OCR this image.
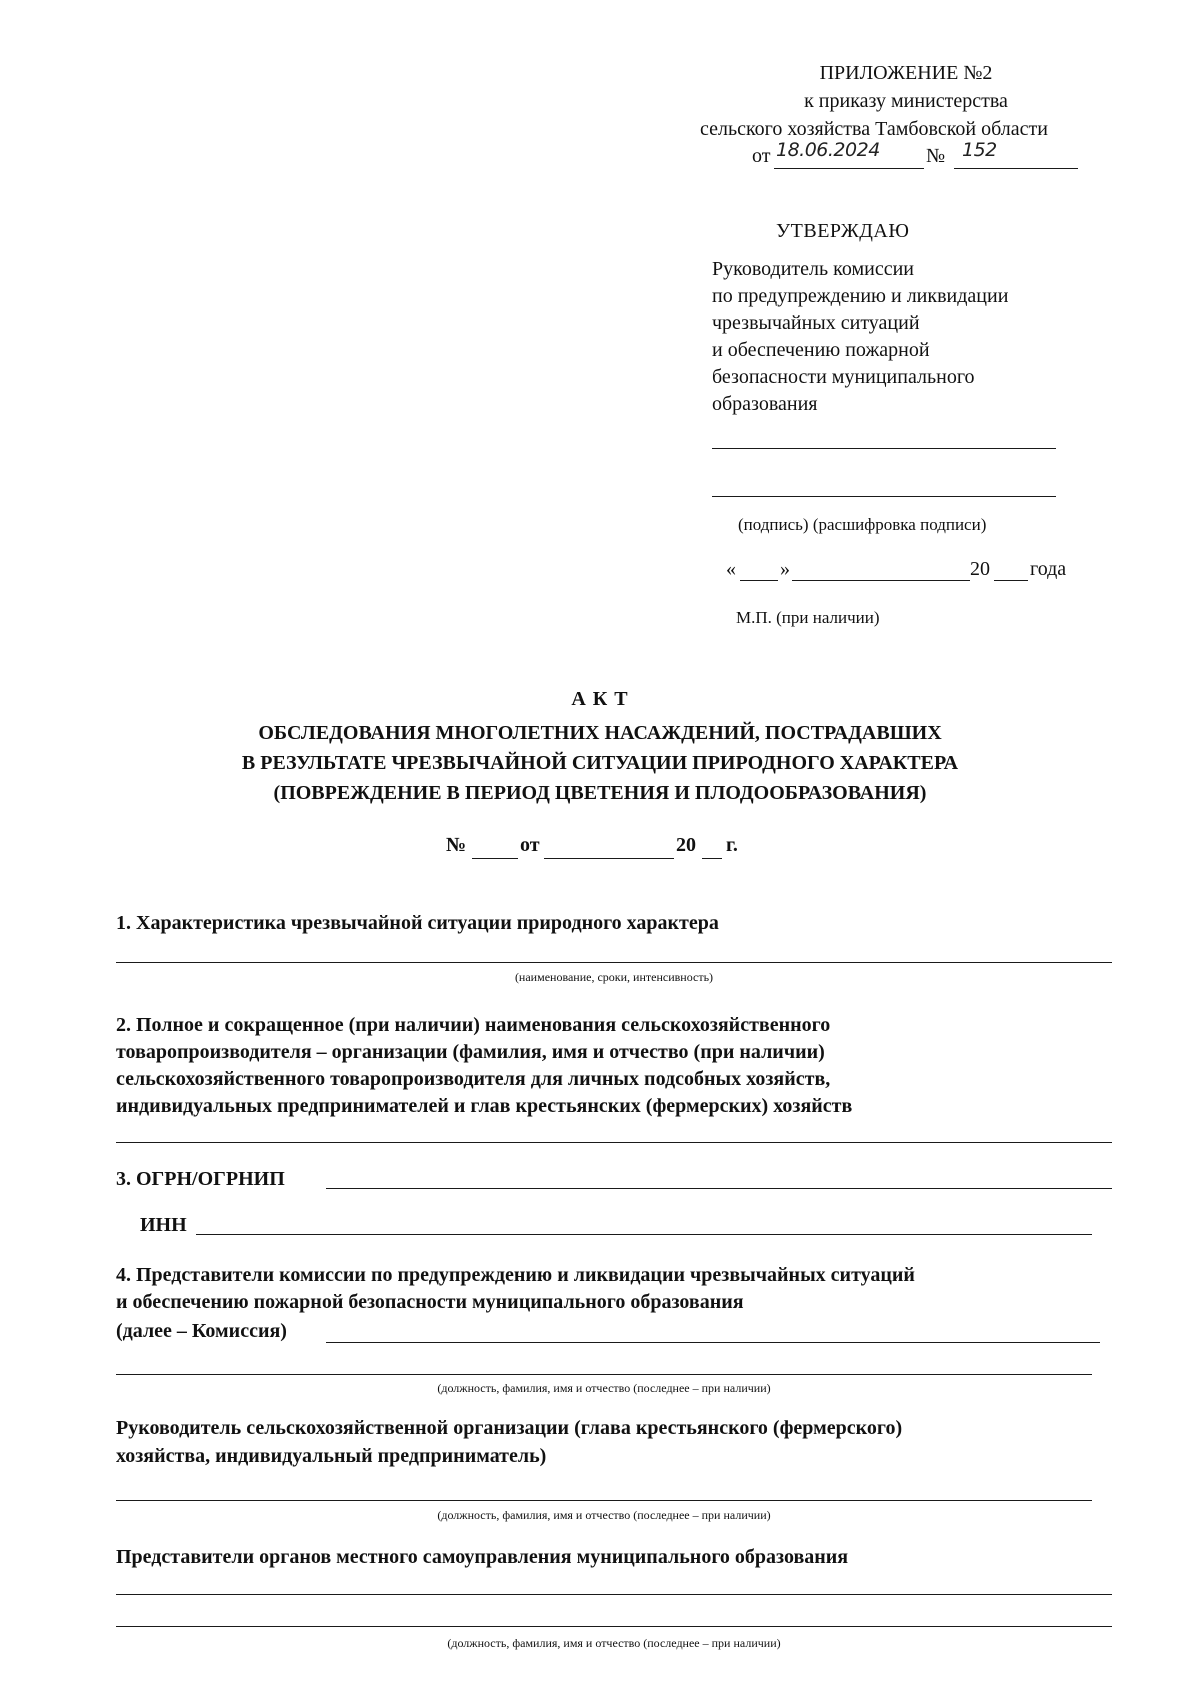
ПРИЛОЖЕНИЕ №2
к приказу министерства
сельского хозяйства Тамбовской области
от 18.06.2024 № 152
УТВЕРЖДАЮ
Руководитель комиссии
по предупреждению и ликвидации
чрезвычайных ситуаций
и обеспечению пожарной
безопасности муниципального
образования
(подпись) (расшифровка подписи)
« »	20 года
М.П. (при наличии)
А К Т
ОБСЛЕДОВАНИЯ МНОГОЛЕТНИХ НАСАЖДЕНИЙ, ПОСТРАДАВШИХ
В РЕЗУЛЬТАТЕ ЧРЕЗВЫЧАЙНОЙ СИТУАЦИИ ПРИРОДНОГО ХАРАКТЕРА
(ПОВРЕЖДЕНИЕ В ПЕРИОД ЦВЕТЕНИЯ И ПЛОДООБРАЗОВАНИЯ)
№	от	20 г.
1. Характеристика чрезвычайной ситуации природного характера
(наименование, сроки, интенсивность)
2. Полное и сокращенное (при наличии) наименования сельскохозяйственного
товаропроизводителя – организации (фамилия, имя и отчество (при наличии)
сельскохозяйственного товаропроизводителя для личных подсобных хозяйств,
индивидуальных предпринимателей и глав крестьянских (фермерских) хозяйств
3. ОГРН/ОГРНИП
ИНН
4. Представители комиссии по предупреждению и ликвидации чрезвычайных ситуаций
и обеспечению пожарной безопасности муниципального образования
(далее – Комиссия)
(должность, фамилия, имя и отчество (последнее – при наличии)
Руководитель сельскохозяйственной организации (глава крестьянского (фермерского)
хозяйства, индивидуальный предприниматель)
(должность, фамилия, имя и отчество (последнее – при наличии)
Представители органов местного самоуправления муниципального образования
(должность, фамилия, имя и отчество (последнее – при наличии)
